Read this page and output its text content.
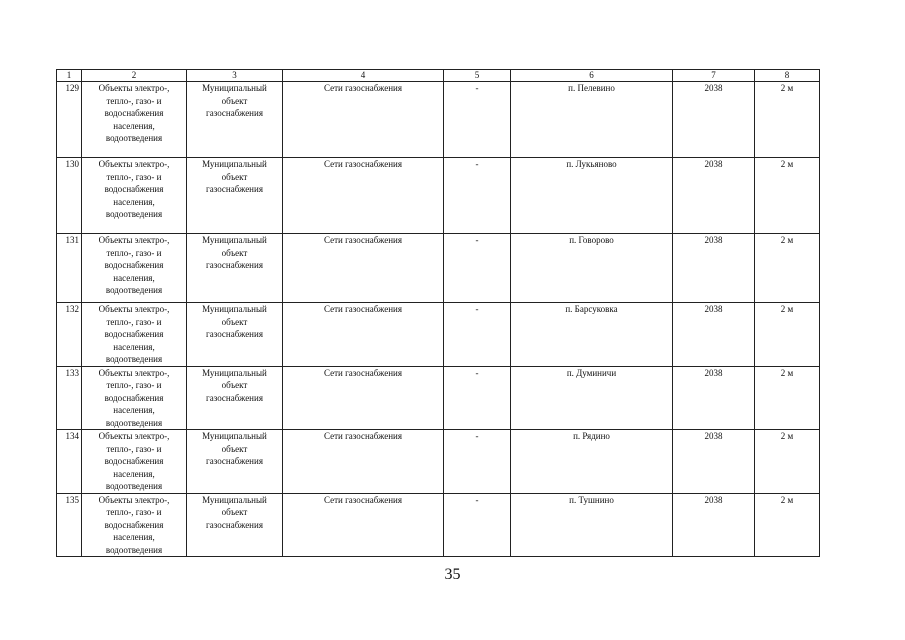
1	2	3	4	5	6	7	8
129	Объекты электро-,
тепло-, газо- и
водоснабжения
населения,
водоотведения	Муниципальный
объект
газоснабжения	Сети газоснабжения	-	п. Пелевино	2038	2 м
130	Объекты электро-,
тепло-, газо- и
водоснабжения
населения,
водоотведения	Муниципальный
объект
газоснабжения	Сети газоснабжения	-	п. Лукьяново	2038	2 м
131	Объекты электро-,
тепло-, газо- и
водоснабжения
населения,
водоотведения	Муниципальный
объект
газоснабжения	Сети газоснабжения	-	п. Говорово	2038	2 м
132	Объекты электро-,
тепло-, газо- и
водоснабжения
населения,
водоотведения	Муниципальный
объект
газоснабжения	Сети газоснабжения	-	п. Барсуковка	2038	2 м
133	Объекты электро-,
тепло-, газо- и
водоснабжения
населения,
водоотведения	Муниципальный
объект
газоснабжения	Сети газоснабжения	-	п. Думиничи	2038	2 м
134	Объекты электро-,
тепло-, газо- и
водоснабжения
населения,
водоотведения	Муниципальный
объект
газоснабжения	Сети газоснабжения	-	п. Рядино	2038	2 м
135	Объекты электро-,
тепло-, газо- и
водоснабжения
населения,
водоотведения	Муниципальный
объект
газоснабжения	Сети газоснабжения	-	п. Тушнино	2038	2 м
35
